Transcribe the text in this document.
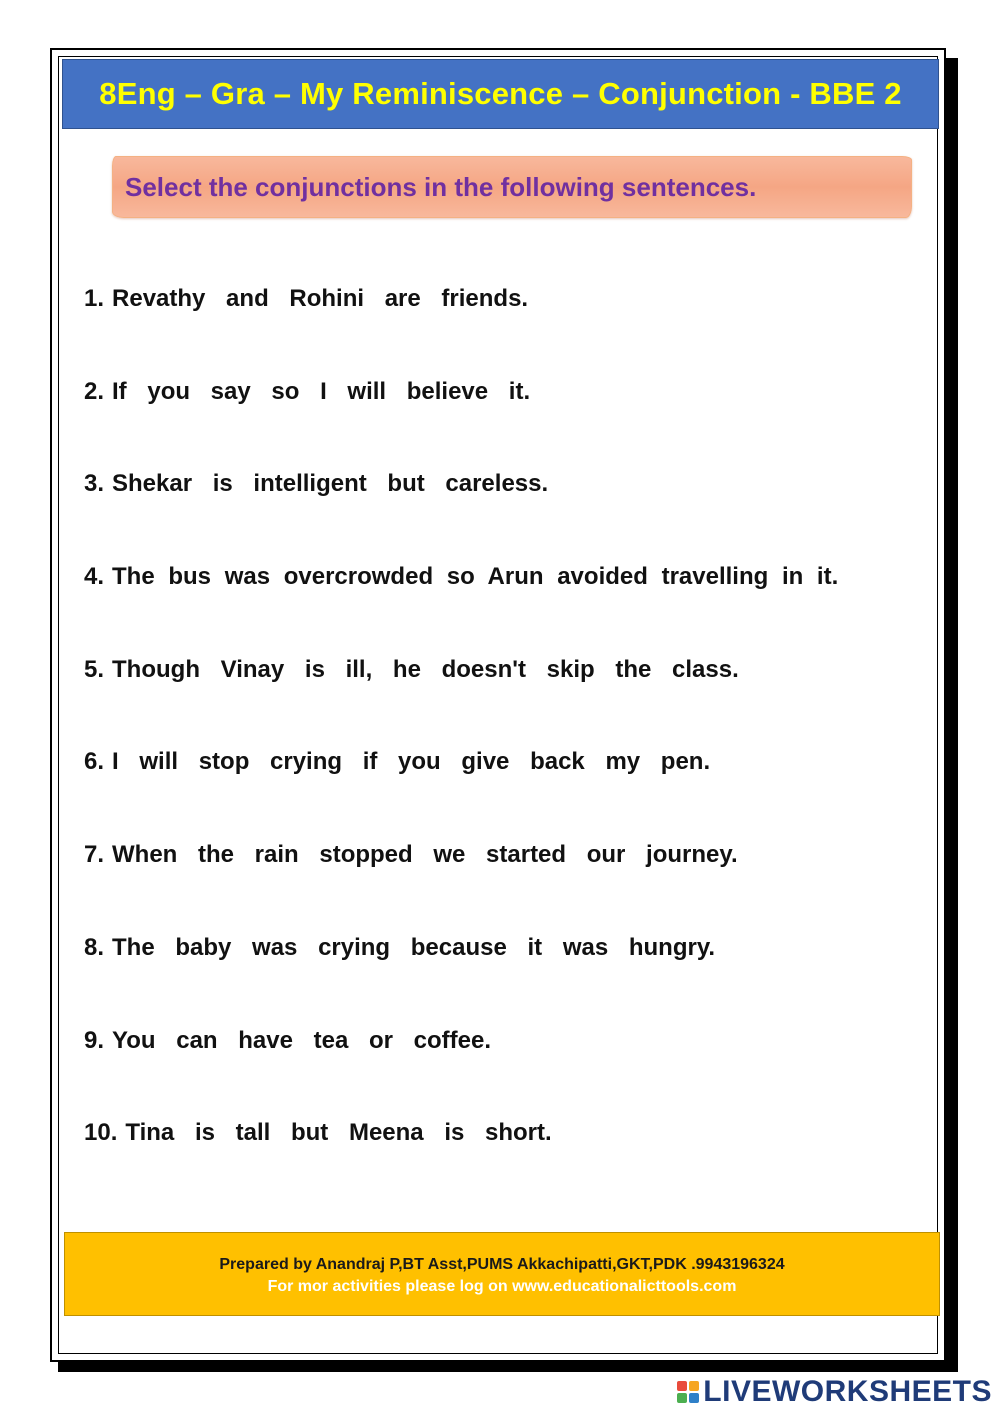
8Eng – Gra – My Reminiscence – Conjunction - BBE 2
Select the conjunctions in the following sentences.
1. Revathy and Rohini are friends.
2. If you say so I will believe it.
3. Shekar is intelligent but careless.
4. The bus was overcrowded so Arun avoided travelling in it.
5. Though Vinay is ill, he doesn't skip the class.
6. I will stop crying if you give back my pen.
7. When the rain stopped we started our journey.
8. The baby was crying because it was hungry.
9. You can have tea or coffee.
10. Tina is tall but Meena is short.
Prepared by Anandraj P,BT Asst,PUMS Akkachipatti,GKT,PDK .9943196324
For mor activities please log on www.educationalicttools.com
LIVEWORKSHEETS
